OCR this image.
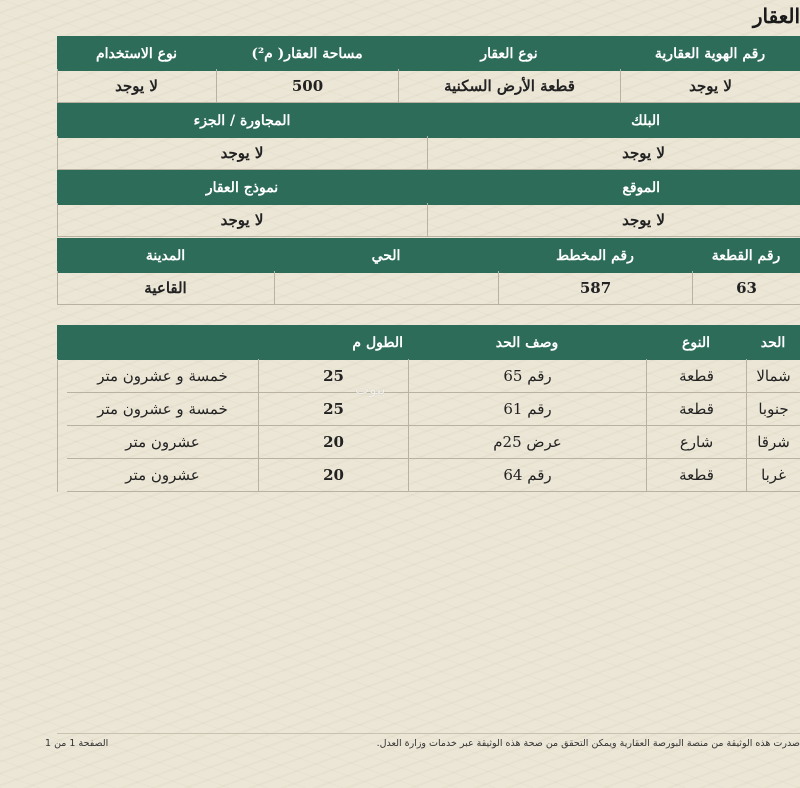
العقار
رقم الهوية العقارية
نوع العقار
مساحة العقار( م²)
نوع الاستخدام
لا يوجد
قطعة الأرض السكنية
500
لا يوجد
البلك
المجاورة / الجزء
لا يوجد
لا يوجد
الموقع
نموذج العقار
لا يوجد
لا يوجد
رقم القطعة
رقم المخطط
الحي
المدينة
63
587
القاعية
الحد
النوع
وصف الحد
الطول م
شمالا
قطعة
رقم 65
25
خمسة و عشرون متر
جنوبا
قطعة
رقم 61
25
خمسة و عشرون متر
شرقا
شارع
عرض 25م
20
عشرون متر
غربا
قطعة
رقم 64
20
عشرون متر
بيوت
صدرت هذه الوثيقة من منصة البورصة العقارية ويمكن التحقق من صحة هذه الوثيقة عبر خدمات وزارة العدل.
الصفحة 1 من 1
